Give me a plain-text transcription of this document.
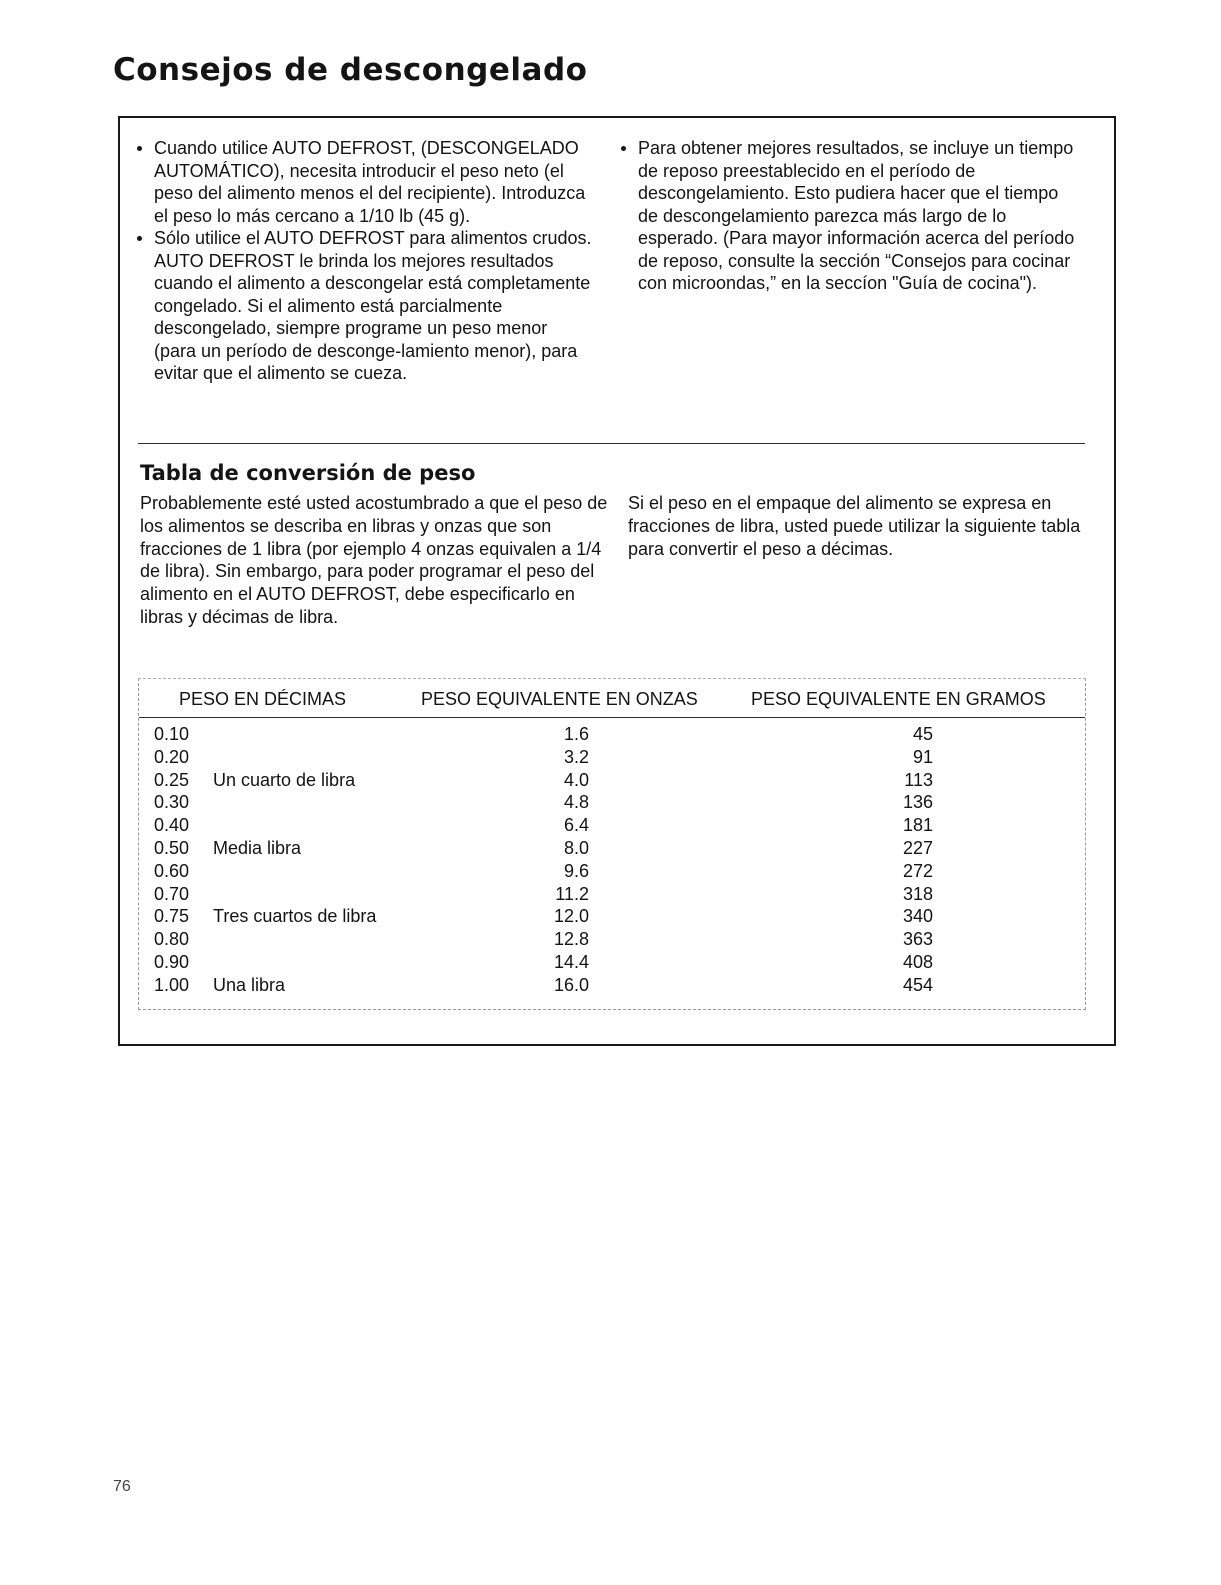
Consejos de descongelado
Cuando utilice AUTO DEFROST, (DESCONGELADO AUTOMÁTICO), necesita introducir el peso neto (el peso del alimento menos el del recipiente). Introduzca el peso lo más cercano a 1/10 lb (45 g).
Sólo utilice el AUTO DEFROST para alimentos crudos. AUTO DEFROST le brinda los mejores resultados cuando el alimento a descongelar está completamente congelado. Si el alimento está parcialmente descongelado, siempre programe un peso menor (para un período de desconge-lamiento menor), para evitar que el alimento se cueza.
Para obtener mejores resultados, se incluye un tiempo de reposo preestablecido en el período de descongelamiento. Esto pudiera hacer que el tiempo de descongelamiento parezca más largo de lo esperado. (Para mayor información acerca del período de reposo, consulte la sección “Consejos para cocinar con microondas,” en la seccíon "Guía de cocina").
Tabla de conversión de peso

Probablemente esté usted acostumbrado a que el peso de los alimentos se describa en libras y onzas que son fracciones de 1 libra (por ejemplo 4 onzas equivalen a 1/4 de libra). Sin embargo, para poder programar el peso del alimento en el AUTO DEFROST, debe especificarlo en libras y décimas de libra.

Si el peso en el empaque del alimento se expresa en fracciones de libra, usted puede utilizar la siguiente tabla para convertir el peso a décimas.

PESO EN DÉCIMAS	PESO EQUIVALENTE EN ONZAS	PESO EQUIVALENTE EN GRAMOS
0.10	1.6	45
0.20	3.2	91
0.25	Un cuarto de libra	4.0	113
0.30	4.8	136
0.40	6.4	181
0.50	Media libra	8.0	227
0.60	9.6	272
0.70	11.2	318
0.75	Tres cuartos de libra	12.0	340
0.80	12.8	363
0.90	14.4	408
1.00	Una libra	16.0	454
76
